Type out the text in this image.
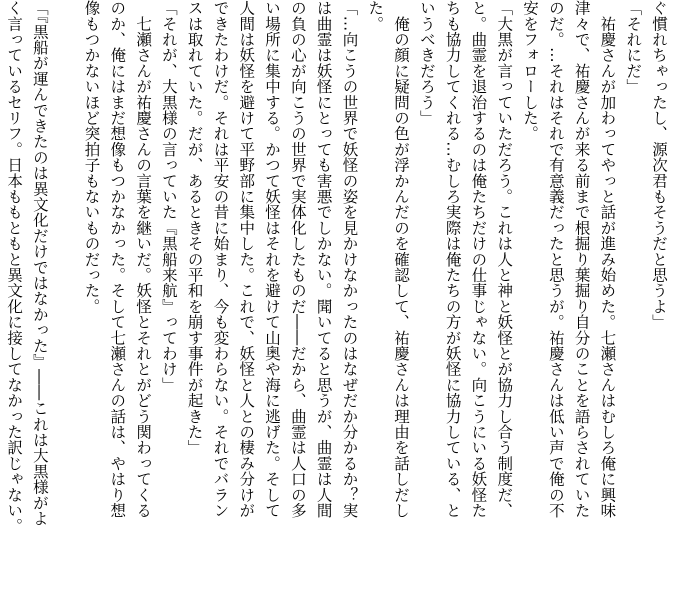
ぐ慣れちゃったし、源次君もそうだと思うよ」
「それにだ」
　祐慶さんが加わってやっと話が進み始めた。七瀬さんはむしろ俺に興味
津々で、祐慶さんが来る前まで根掘り葉掘り自分のことを語らされていた
のだ。…それはそれで有意義だったと思うが。祐慶さんは低い声で俺の不
安をフォローした。
「大黒が言っていただろう。これは人と神と妖怪とが協力し合う制度だ、
と。曲霊を退治するのは俺たちだけの仕事じゃない。向こうにいる妖怪た
ちも協力してくれる…むしろ実際は俺たちの方が妖怪に協力している、と
いうべきだろう」
　俺の顔に疑問の色が浮かんだのを確認して、祐慶さんは理由を話しだし
た。
「…向こうの世界で妖怪の姿を見かけなかったのはなぜだか分かるか？実
は曲霊は妖怪にとっても害悪でしかない。聞いてると思うが、曲霊は人間
の負の心が向こうの世界で実体化したものだ――だから、曲霊は人口の多
い場所に集中する。かつて妖怪はそれを避けて山奥や海に逃げた。そして
人間は妖怪を避けて平野部に集中した。これで、妖怪と人との棲み分けが
できたわけだ。それは平安の昔に始まり、今も変わらない。それでバラン
スは取れていた。だが、あるときその平和を崩す事件が起きた」
「それが、大黒様の言っていた『黒船来航』ってわけ」
　七瀬さんが祐慶さんの言葉を継いだ。妖怪とそれとがどう関わってくる
のか、俺にはまだ想像もつかなかった。そして七瀬さんの話は、やはり想
像もつかないほど突拍子もないものだった。

「『黒船が運んできたのは異文化だけではなかった』――これは大黒様がよ
く言っているセリフ。日本ももともと異文化に接してなかった訳じゃない。
